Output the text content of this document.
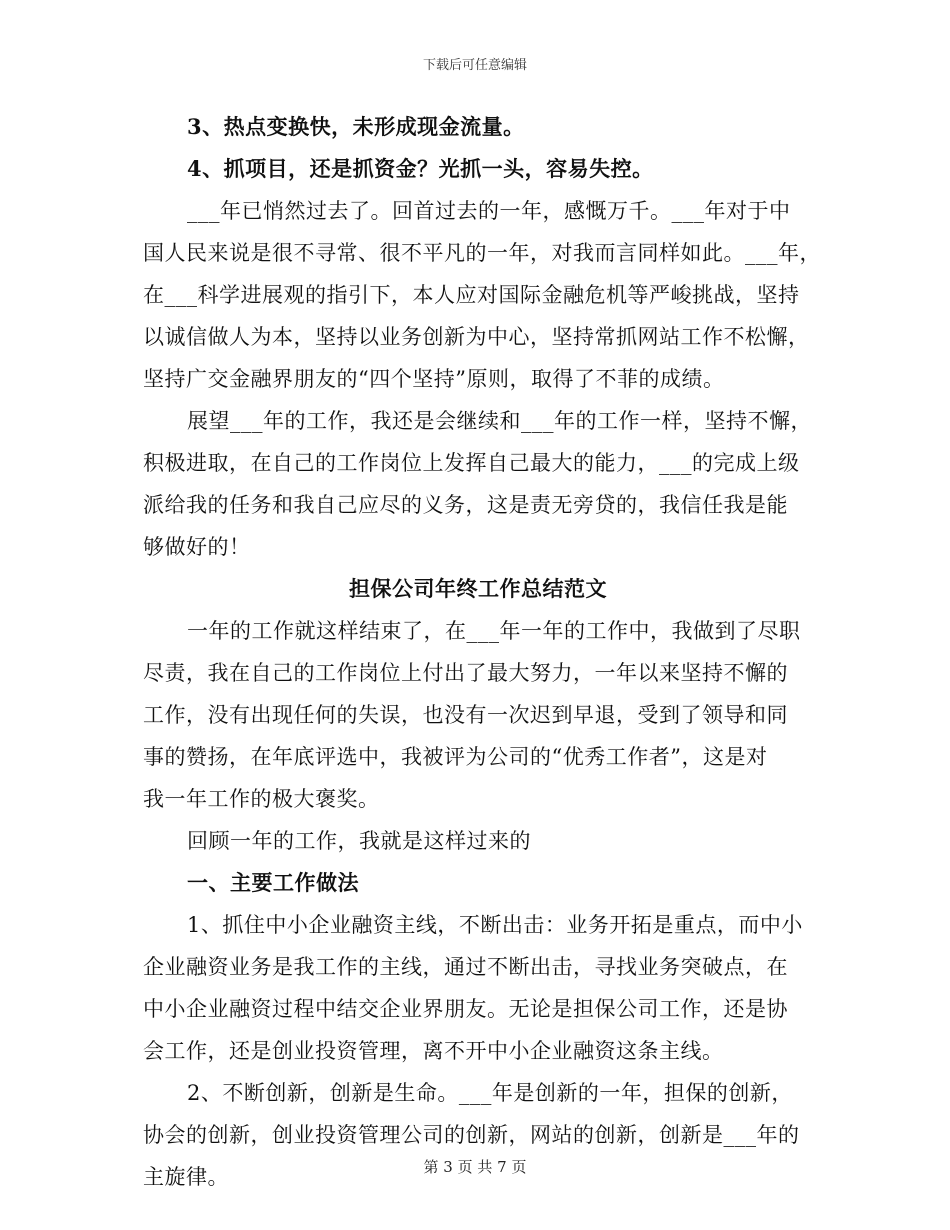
下载后可任意编辑
3、热点变换快，未形成现金流量。
4、抓项目，还是抓资金？光抓一头，容易失控。
___年已悄然过去了。回首过去的一年，感慨万千。___年对于中
国人民来说是很不寻常、很不平凡的一年，对我而言同样如此。___年，
在___科学进展观的指引下，本人应对国际金融危机等严峻挑战，坚持
以诚信做人为本，坚持以业务创新为中心，坚持常抓网站工作不松懈，
坚持广交金融界朋友的“四个坚持”原则，取得了不菲的成绩。
展望___年的工作，我还是会继续和___年的工作一样，坚持不懈，
积极进取，在自己的工作岗位上发挥自己最大的能力，___的完成上级
派给我的任务和我自己应尽的义务，这是责无旁贷的，我信任我是能
够做好的！
担保公司年终工作总结范文
一年的工作就这样结束了，在___年一年的工作中，我做到了尽职
尽责，我在自己的工作岗位上付出了最大努力，一年以来坚持不懈的
工作，没有出现任何的失误，也没有一次迟到早退，受到了领导和同
事的赞扬，在年底评选中，我被评为公司的“优秀工作者”，这是对
我一年工作的极大褒奖。
回顾一年的工作，我就是这样过来的
一、主要工作做法
1、抓住中小企业融资主线，不断出击：业务开拓是重点，而中小
企业融资业务是我工作的主线，通过不断出击，寻找业务突破点，在
中小企业融资过程中结交企业界朋友。无论是担保公司工作，还是协
会工作，还是创业投资管理，离不开中小企业融资这条主线。
2、不断创新，创新是生命。___年是创新的一年，担保的创新，
协会的创新，创业投资管理公司的创新，网站的创新，创新是___年的
主旋律。	第 3 页 共 7 页
